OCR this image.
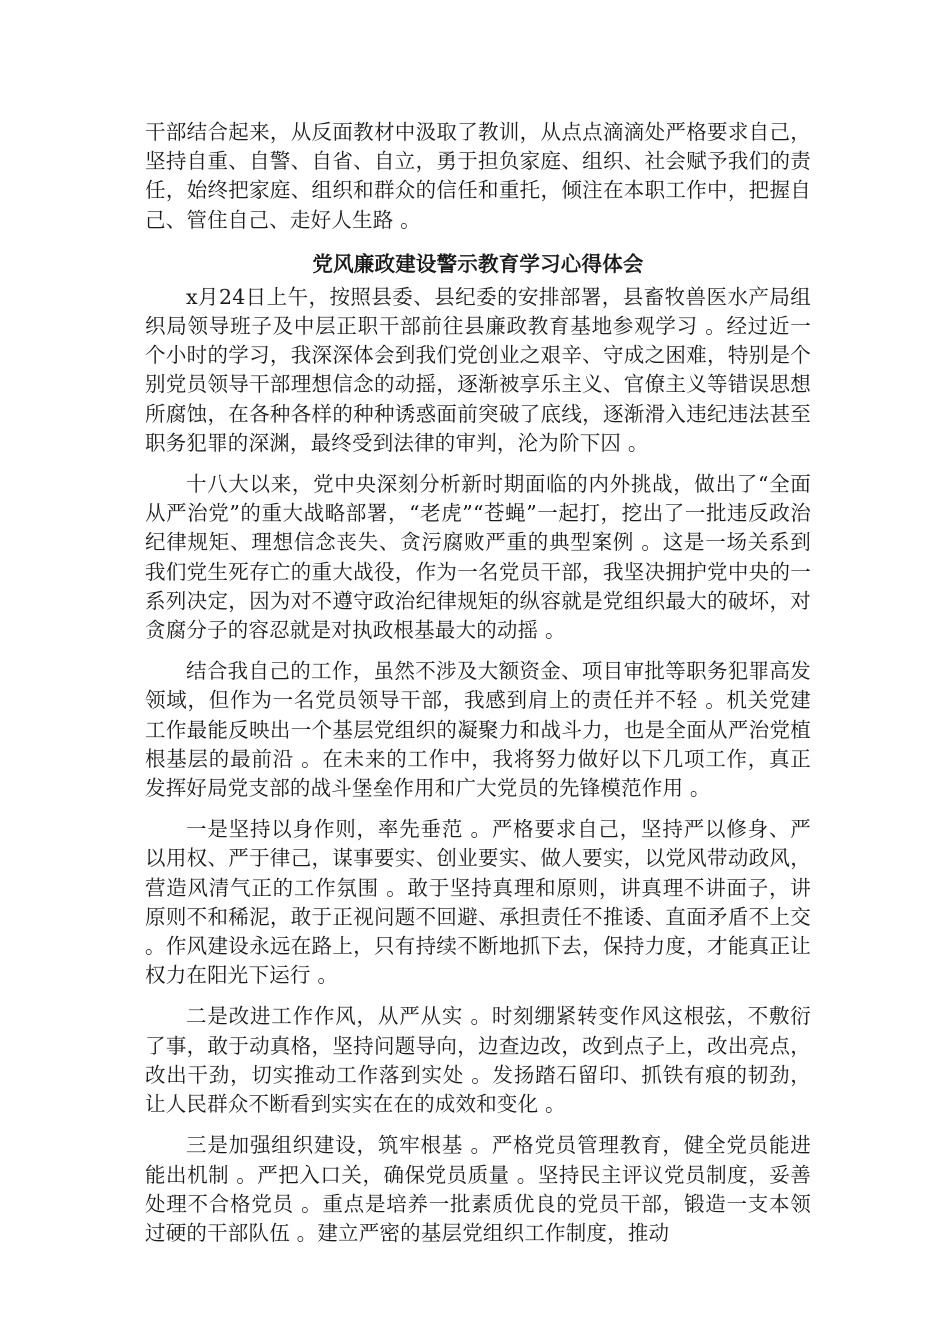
干部结合起来，从反面教材中汲取了教训，从点点滴滴处严格要求自己，坚持自重、自警、自省、自立，勇于担负家庭、组织、社会赋予我们的责任，始终把家庭、组织和群众的信任和重托，倾注在本职工作中，把握自己、管住自己、走好人生路 。

党风廉政建设警示教育学习心得体会

x月24日上午，按照县委、县纪委的安排部署，县畜牧兽医水产局组织局领导班子及中层正职干部前往县廉政教育基地参观学习 。经过近一个小时的学习，我深深体会到我们党创业之艰辛、守成之困难，特别是个别党员领导干部理想信念的动摇，逐渐被享乐主义、官僚主义等错误思想所腐蚀，在各种各样的种种诱惑面前突破了底线，逐渐滑入违纪违法甚至职务犯罪的深渊，最终受到法律的审判，沦为阶下囚 。

十八大以来，党中央深刻分析新时期面临的内外挑战，做出了“全面从严治党”的重大战略部署，“老虎”“苍蝇”一起打，挖出了一批违反政治纪律规矩、理想信念丧失、贪污腐败严重的典型案例 。这是一场关系到我们党生死存亡的重大战役，作为一名党员干部，我坚决拥护党中央的一系列决定，因为对不遵守政治纪律规矩的纵容就是党组织最大的破坏，对贪腐分子的容忍就是对执政根基最大的动摇 。

结合我自己的工作，虽然不涉及大额资金、项目审批等职务犯罪高发领域，但作为一名党员领导干部，我感到肩上的责任并不轻 。机关党建工作最能反映出一个基层党组织的凝聚力和战斗力，也是全面从严治党植根基层的最前沿 。在未来的工作中，我将努力做好以下几项工作，真正发挥好局党支部的战斗堡垒作用和广大党员的先锋模范作用 。

一是坚持以身作则，率先垂范 。严格要求自己，坚持严以修身、严以用权、严于律己，谋事要实、创业要实、做人要实，以党风带动政风，营造风清气正的工作氛围 。敢于坚持真理和原则，讲真理不讲面子，讲原则不和稀泥，敢于正视问题不回避、承担责任不推诿、直面矛盾不上交 。作风建设永远在路上，只有持续不断地抓下去，保持力度，才能真正让权力在阳光下运行 。

二是改进工作作风，从严从实 。时刻绷紧转变作风这根弦，不敷衍了事，敢于动真格，坚持问题导向，边查边改，改到点子上，改出亮点，改出干劲，切实推动工作落到实处 。发扬踏石留印、抓铁有痕的韧劲，让人民群众不断看到实实在在的成效和变化 。

三是加强组织建设，筑牢根基 。严格党员管理教育，健全党员能进能出机制 。严把入口关，确保党员质量 。坚持民主评议党员制度，妥善处理不合格党员 。重点是培养一批素质优良的党员干部，锻造一支本领过硬的干部队伍 。建立严密的基层党组织工作制度，推动
